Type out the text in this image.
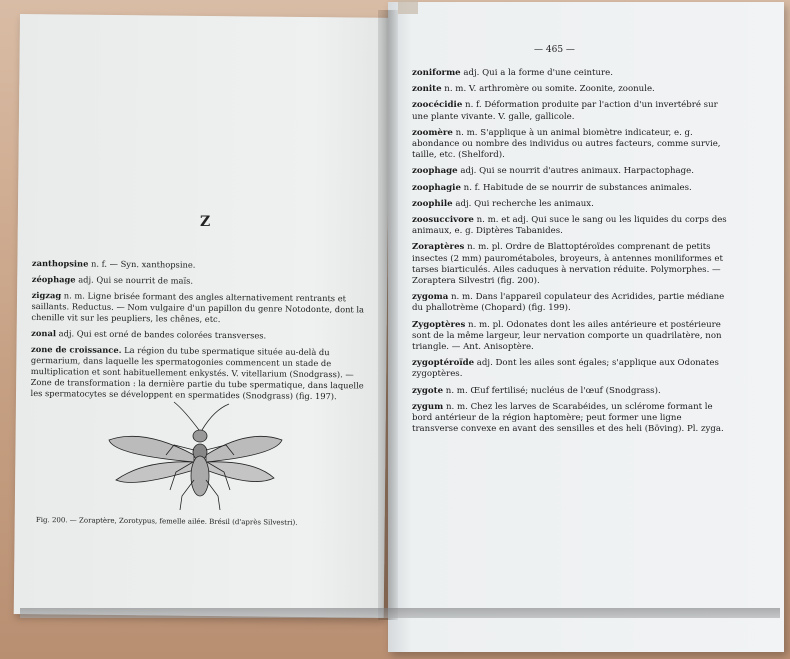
Z

zanthopsine n. f. — Syn. xanthopsine.

zéophage adj. Qui se nourrit de maïs.

zigzag n. m. Ligne brisée formant des angles alternativement rentrants et saillants. Reductus. — Nom vulgaire d'un papillon du genre Notodonte, dont la chenille vit sur les peupliers, les chênes, etc.

zonal adj. Qui est orné de bandes colorées transverses.

zone de croissance. La région du tube spermatique située au-delà du germarium, dans laquelle les spermatogonies commencent un stade de multiplication et sont habituellement enkystés. V. vitellarium (Snodgrass). — Zone de transformation : la dernière partie du tube spermatique, dans laquelle les spermatocytes se développent en spermatides (Snodgrass) (fig. 197).

Fig. 200. — Zoraptère, Zorotypus, femelle ailée. Brésil (d'après Silvestri).
— 465 —

zoniforme adj. Qui a la forme d'une ceinture.

zonite n. m. V. arthromère ou somite. Zoonite, zoonule.

zoocécidie n. f. Déformation produite par l'action d'un invertébré sur une plante vivante. V. galle, gallicole.

zoomère n. m. S'applique à un animal biomètre indicateur, e. g. abondance ou nombre des individus ou autres facteurs, comme survie, taille, etc. (Shelford).

zoophage adj. Qui se nourrit d'autres animaux. Harpactophage.

zoophagie n. f. Habitude de se nourrir de substances animales.

zoophile adj. Qui recherche les animaux.

zoosuccivore n. m. et adj. Qui suce le sang ou les liquides du corps des animaux, e. g. Diptères Tabanides.

Zoraptères n. m. pl. Ordre de Blattoptéroïdes comprenant de petits insectes (2 mm) paurométaboles, broyeurs, à antennes moniliformes et tarses biarticulés. Ailes caduques à nervation réduite. Polymorphes. — Zoraptera Silvestri (fig. 200).

zygoma n. m. Dans l'appareil copulateur des Acridides, partie médiane du phallotrème (Chopard) (fig. 199).

Zygoptères n. m. pl. Odonates dont les ailes antérieure et postérieure sont de la même largeur, leur nervation comporte un quadrilatère, non triangle. — Ant. Anisoptère.

zygoptéroïde adj. Dont les ailes sont égales; s'applique aux Odonates zygoptères.

zygote n. m. Œuf fertilisé; nucléus de l'œuf (Snodgrass).

zygum n. m. Chez les larves de Scarabéides, un sclérome formant le bord antérieur de la région haptomère; peut former une ligne transverse convexe en avant des sensilles et des heli (Böving). Pl. zyga.
